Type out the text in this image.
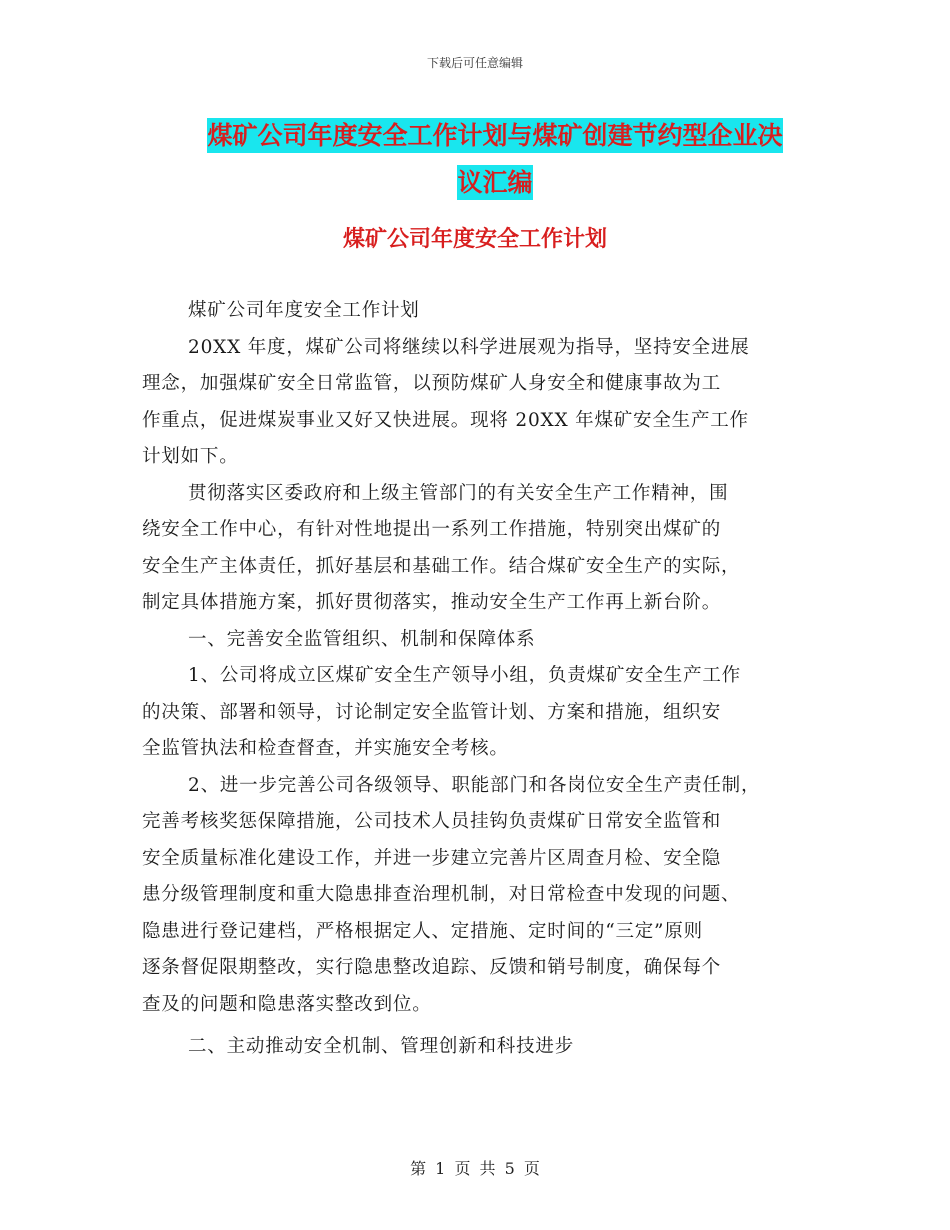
下载后可任意编辑
煤矿公司年度安全工作计划与煤矿创建节约型企业决
议汇编
煤矿公司年度安全工作计划
煤矿公司年度安全工作计划
20XX 年度，煤矿公司将继续以科学进展观为指导，坚持安全进展
理念，加强煤矿安全日常监管，以预防煤矿人身安全和健康事故为工
作重点，促进煤炭事业又好又快进展。现将 20XX 年煤矿安全生产工作
计划如下。
贯彻落实区委政府和上级主管部门的有关安全生产工作精神，围
绕安全工作中心，有针对性地提出一系列工作措施，特别突出煤矿的
安全生产主体责任，抓好基层和基础工作。结合煤矿安全生产的实际，
制定具体措施方案，抓好贯彻落实，推动安全生产工作再上新台阶。
一、完善安全监管组织、机制和保障体系
1、公司将成立区煤矿安全生产领导小组，负责煤矿安全生产工作
的决策、部署和领导，讨论制定安全监管计划、方案和措施，组织安
全监管执法和检查督查，并实施安全考核。
2、进一步完善公司各级领导、职能部门和各岗位安全生产责任制，
完善考核奖惩保障措施，公司技术人员挂钩负责煤矿日常安全监管和
安全质量标准化建设工作，并进一步建立完善片区周查月检、安全隐
患分级管理制度和重大隐患排查治理机制，对日常检查中发现的问题、
隐患进行登记建档，严格根据定人、定措施、定时间的“三定”原则
逐条督促限期整改，实行隐患整改追踪、反馈和销号制度，确保每个
查及的问题和隐患落实整改到位。
二、主动推动安全机制、管理创新和科技进步
第 1 页 共 5 页
